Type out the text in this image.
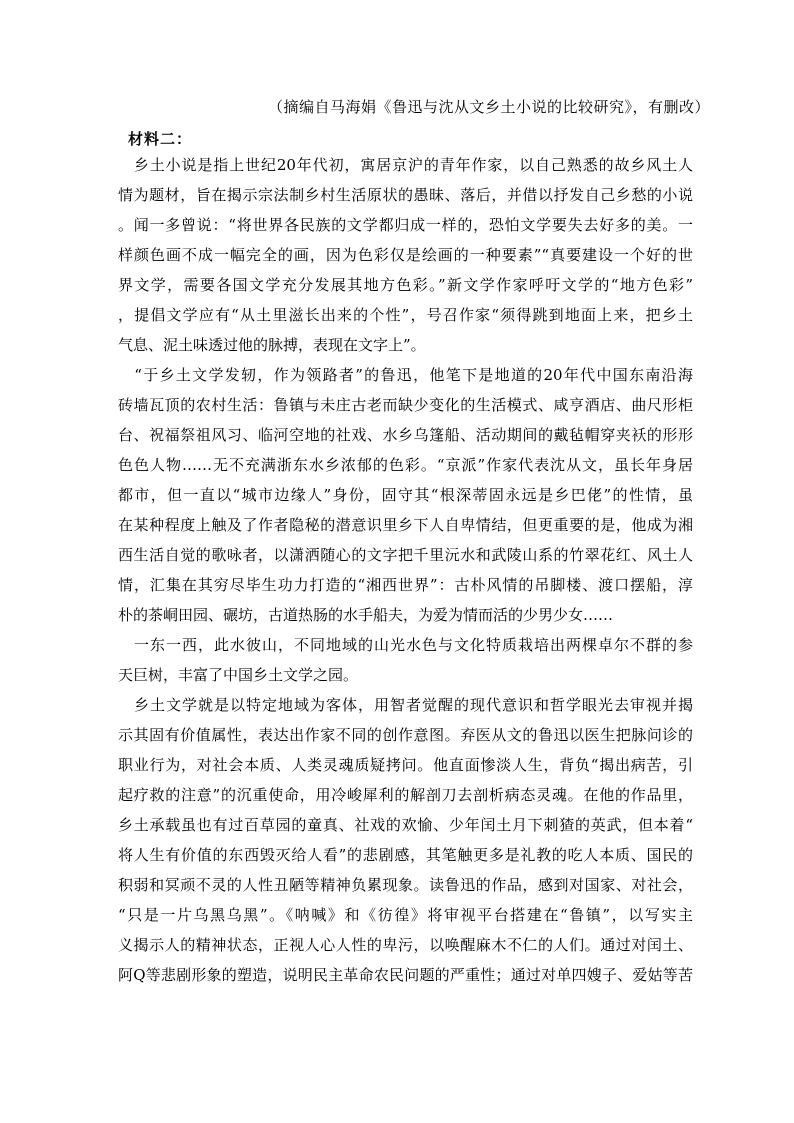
（摘编自马海娟《鲁迅与沈从文乡土小说的比较研究》，有删改）
材料二：
　乡土小说是指上世纪20年代初，寓居京沪的青年作家，以自己熟悉的故乡风土人
情为题材，旨在揭示宗法制乡村生活原状的愚昧、落后，并借以抒发自己乡愁的小说
。闻一多曾说：“将世界各民族的文学都归成一样的，恐怕文学要失去好多的美。一
样颜色画不成一幅完全的画，因为色彩仅是绘画的一种要素”“真要建设一个好的世
界文学，需要各国文学充分发展其地方色彩。”新文学作家呼吁文学的“地方色彩”
，提倡文学应有“从土里滋长出来的个性”，号召作家“须得跳到地面上来，把乡土
气息、泥土味透过他的脉搏，表现在文字上”。
　“于乡土文学发轫，作为领路者”的鲁迅，他笔下是地道的20年代中国东南沿海
砖墙瓦顶的农村生活：鲁镇与未庄古老而缺少变化的生活模式、咸亨酒店、曲尺形柜
台、祝福祭祖风习、临河空地的社戏、水乡乌篷船、活动期间的戴毡帽穿夹袄的形形
色色人物……无不充满浙东水乡浓郁的色彩。“京派”作家代表沈从文，虽长年身居
都市，但一直以“城市边缘人”身份，固守其“根深蒂固永远是乡巴佬”的性情，虽
在某种程度上触及了作者隐秘的潜意识里乡下人自卑情结，但更重要的是，他成为湘
西生活自觉的歌咏者，以潇洒随心的文字把千里沅水和武陵山系的竹翠花红、风土人
情，汇集在其穷尽毕生功力打造的“湘西世界”：古朴风情的吊脚楼、渡口摆船，淳
朴的茶峒田园、碾坊，古道热肠的水手船夫，为爱为情而活的少男少女……
　一东一西，此水彼山，不同地域的山光水色与文化特质栽培出两棵卓尔不群的参
天巨树，丰富了中国乡土文学之园。
　乡土文学就是以特定地域为客体，用智者觉醒的现代意识和哲学眼光去审视并揭
示其固有价值属性，表达出作家不同的创作意图。弃医从文的鲁迅以医生把脉问诊的
职业行为，对社会本质、人类灵魂质疑拷问。他直面惨淡人生，背负“揭出病苦，引
起疗救的注意”的沉重使命，用冷峻犀利的解剖刀去剖析病态灵魂。在他的作品里，
乡土承载虽也有过百草园的童真、社戏的欢愉、少年闰土月下刺猹的英武，但本着“
将人生有价值的东西毁灭给人看”的悲剧感，其笔触更多是礼教的吃人本质、国民的
积弱和冥顽不灵的人性丑陋等精神负累现象。读鲁迅的作品，感到对国家、对社会，
“只是一片乌黑乌黑”。《呐喊》和《彷徨》将审视平台搭建在“鲁镇”，以写实主
义揭示人的精神状态，正视人心人性的卑污，以唤醒麻木不仁的人们。通过对闰土、
阿Q等悲剧形象的塑造，说明民主革命农民问题的严重性；通过对单四嫂子、爱姑等苦
